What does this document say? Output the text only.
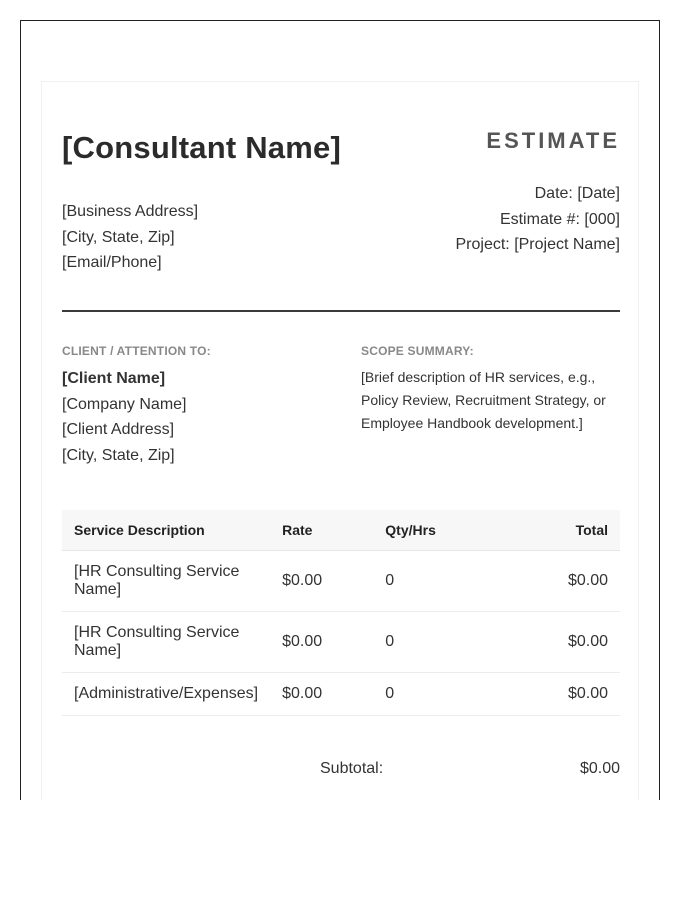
[Consultant Name]
[Business Address]
[City, State, Zip]
[Email/Phone]
ESTIMATE
Date: [Date]
Estimate #: [000]
Project: [Project Name]
CLIENT / ATTENTION TO:
[Client Name]
[Company Name]
[Client Address]
[City, State, Zip]
SCOPE SUMMARY:
[Brief description of HR services, e.g., Policy Review, Recruitment Strategy, or Employee Handbook development.]
Service Description	Rate	Qty/Hrs	Total
[HR Consulting Service Name]	$0.00	0	$0.00
[HR Consulting Service Name]	$0.00	0	$0.00
[Administrative/Expenses]	$0.00	0	$0.00
Subtotal:	$0.00
